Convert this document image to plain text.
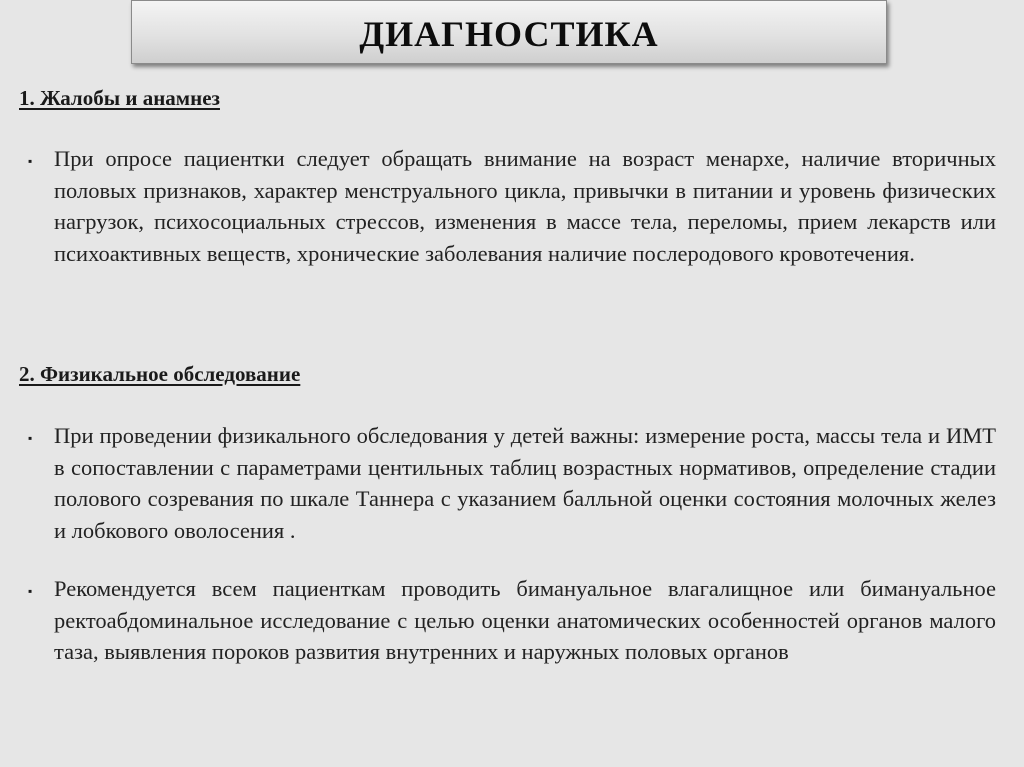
ДИАГНОСТИКА
1. Жалобы и анамнез
▪ При опросе пациентки следует обращать внимание на возраст менархе, наличие вторичных половых признаков, характер менструального цикла, привычки в питании и уровень физических нагрузок, психосоциальных стрессов, изменения в массе тела, переломы, прием лекарств или психоактивных веществ, хронические заболевания наличие послеродового кровотечения.
2. Физикальное обследование
▪ При проведении физикального обследования у детей важны: измерение роста, массы тела и ИМТ в сопоставлении с параметрами центильных таблиц возрастных нормативов, определение стадии полового созревания по шкале Таннера с указанием балльной оценки состояния молочных желез и лобкового оволосения .
▪ Рекомендуется всем пациенткам проводить бимануальное влагалищное или бимануальное ректоабдоминальное исследование с целью оценки анатомических особенностей органов малого таза, выявления пороков развития внутренних и наружных половых органов
